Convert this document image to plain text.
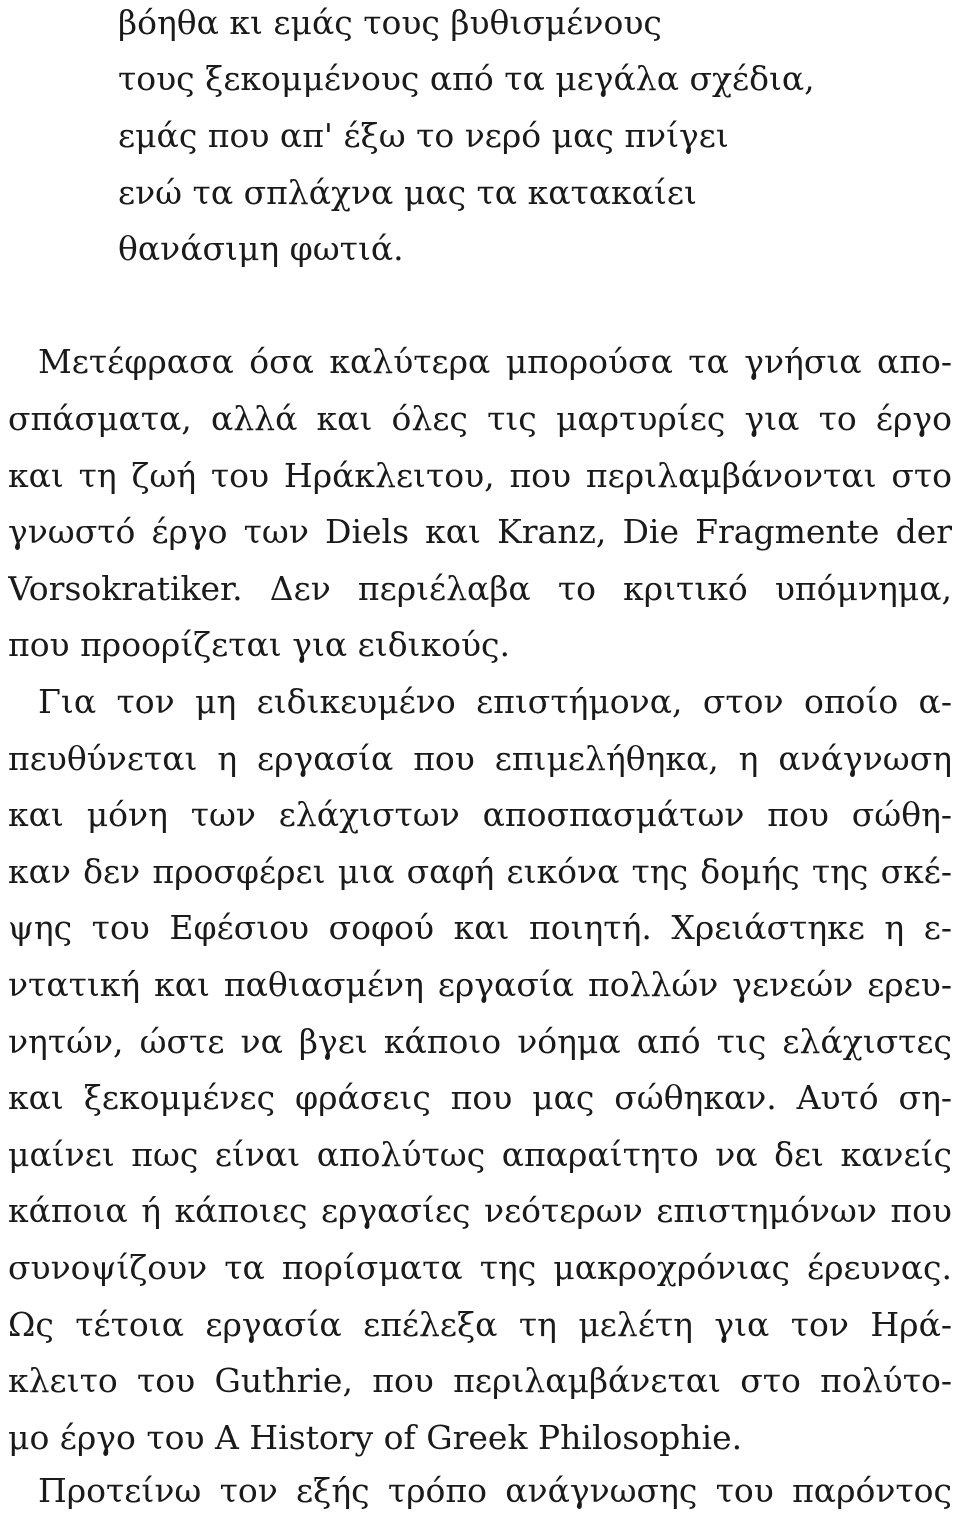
βόηθα κι εμάς τους βυθισμένους
τους ξεκομμένους από τα μεγάλα σχέδια,
εμάς που απ' έξω το νερό μας πνίγει
ενώ τα σπλάχνα μας τα κατακαίει
θανάσιμη φωτιά.
Μετέφρασα όσα καλύτερα μπορούσα τα γνήσια απο-
σπάσματα, αλλά και όλες τις μαρτυρίες για το έργο
και τη ζωή του Ηράκλειτου, που περιλαμβάνονται στο
γνωστό έργο των Diels και Kranz, Die Fragmente der
Vorsokratiker. Δεν περιέλαβα το κριτικό υπόμνημα,
που προορίζεται για ειδικούς.
Για τον μη ειδικευμένο επιστήμονα, στον οποίο α-
πευθύνεται η εργασία που επιμελήθηκα, η ανάγνωση
και μόνη των ελάχιστων αποσπασμάτων που σώθη-
καν δεν προσφέρει μια σαφή εικόνα της δομής της σκέ-
ψης του Εφέσιου σοφού και ποιητή. Χρειάστηκε η ε-
ντατική και παθιασμένη εργασία πολλών γενεών ερευ-
νητών, ώστε να βγει κάποιο νόημα από τις ελάχιστες
και ξεκομμένες φράσεις που μας σώθηκαν. Αυτό ση-
μαίνει πως είναι απολύτως απαραίτητο να δει κανείς
κάποια ή κάποιες εργασίες νεότερων επιστημόνων που
συνοψίζουν τα πορίσματα της μακροχρόνιας έρευνας.
Ως τέτοια εργασία επέλεξα τη μελέτη για τον Ηρά-
κλειτο του Guthrie, που περιλαμβάνεται στο πολύτο-
μο έργο του A History of Greek Philosophie.
Προτείνω τον εξής τρόπο ανάγνωσης του παρόντος
